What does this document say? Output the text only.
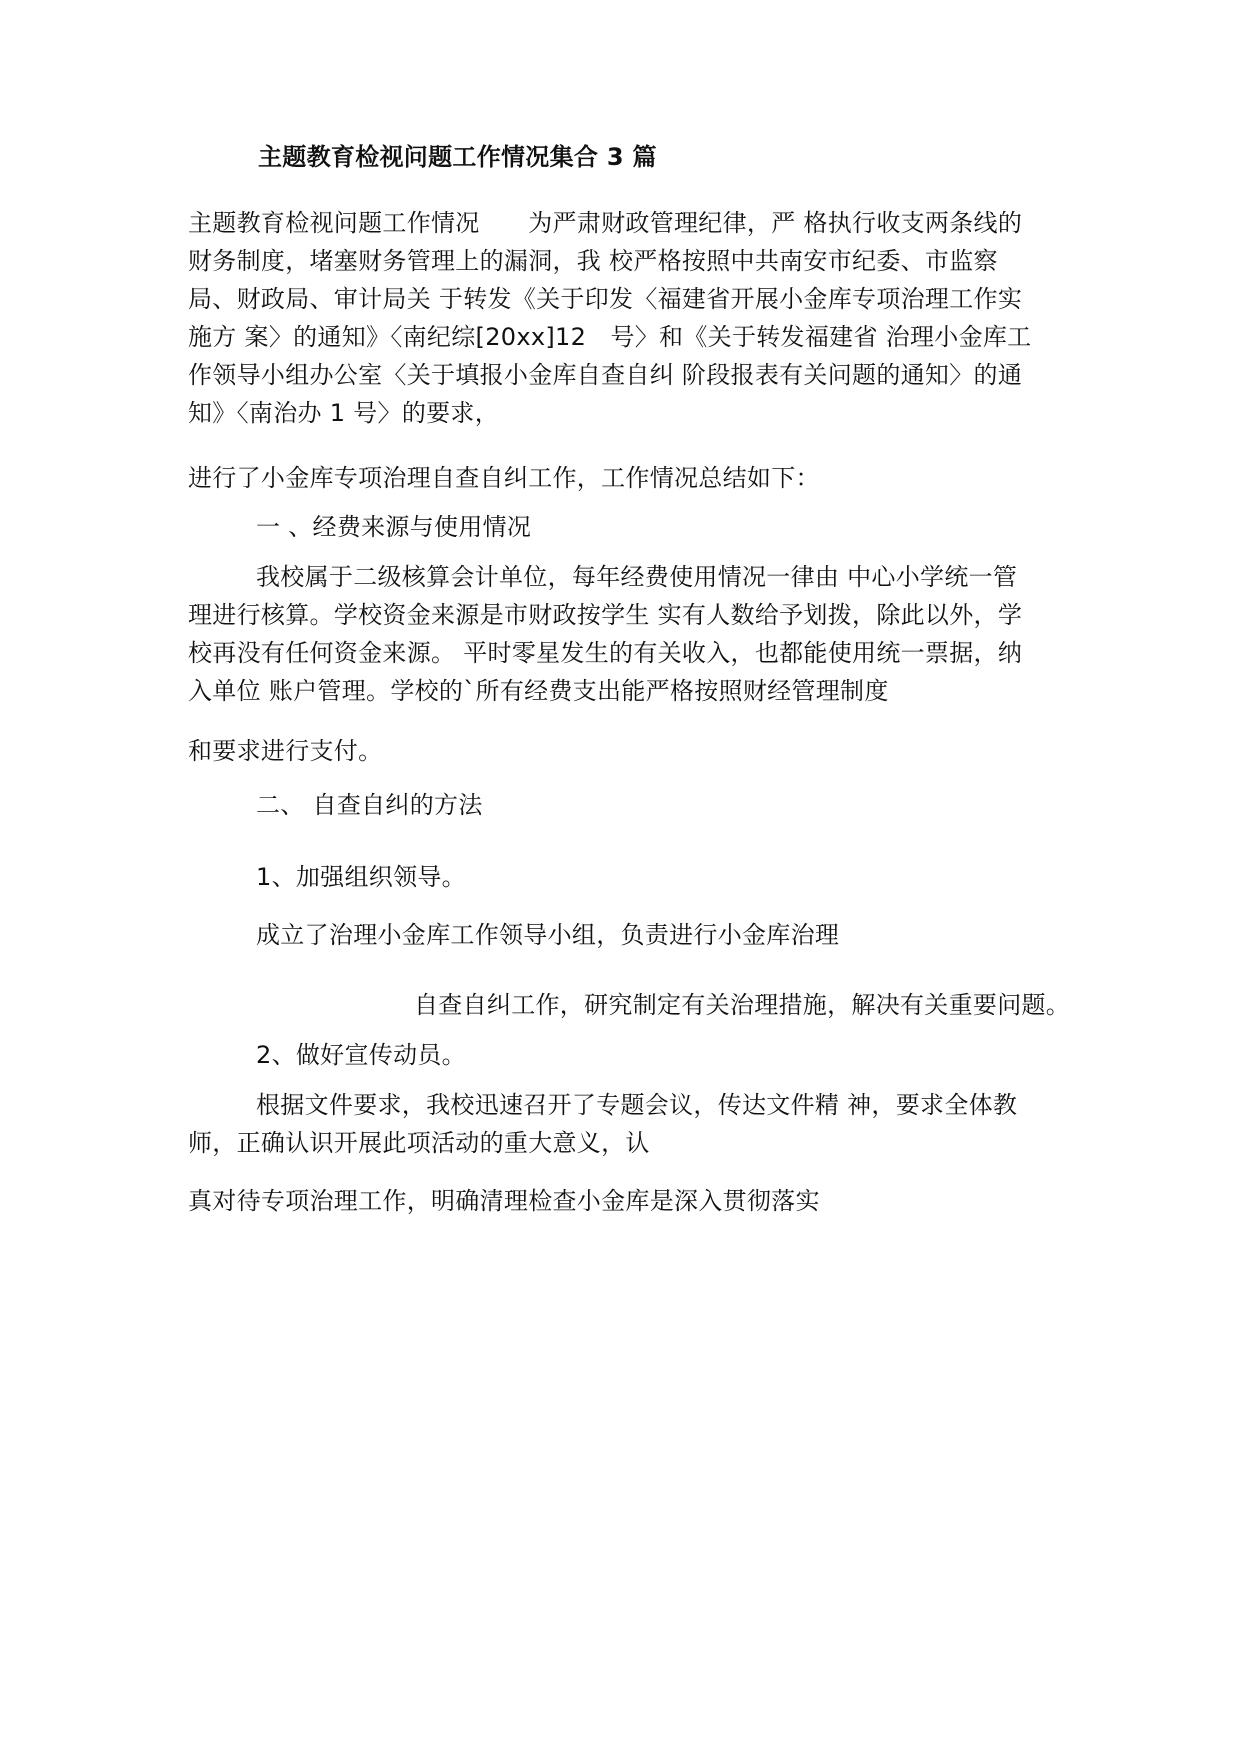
主题教育检视问题工作情况集合 3 篇
主题教育检视问题工作情况　　为严肃财政管理纪律，严 格执行收支两条线的
财务制度，堵塞财务管理上的漏洞，我 校严格按照中共南安市纪委、市监察
局、财政局、审计局关 于转发《关于印发〈福建省开展小金库专项治理工作实
施方 案〉的通知》〈南纪综[20xx]12　号〉和《关于转发福建省 治理小金库工
作领导小组办公室〈关于填报小金库自查自纠 阶段报表有关问题的通知〉的通
知》〈南治办 1 号〉的要求，
进行了小金库专项治理自查自纠工作，工作情况总结如下：
一 、经费来源与使用情况
我校属于二级核算会计单位，每年经费使用情况一律由 中心小学统一管
理进行核算。学校资金来源是市财政按学生 实有人数给予划拨，除此以外，学
校再没有任何资金来源。 平时零星发生的有关收入，也都能使用统一票据，纳
入单位 账户管理。学校的`所有经费支出能严格按照财经管理制度
和要求进行支付。
二、 自查自纠的方法
1、加强组织领导。
成立了治理小金库工作领导小组，负责进行小金库治理
自查自纠工作，研究制定有关治理措施，解决有关重要问题。
2、做好宣传动员。
根据文件要求，我校迅速召开了专题会议，传达文件精 神，要求全体教
师，正确认识开展此项活动的重大意义，认
真对待专项治理工作，明确清理检查小金库是深入贯彻落实
